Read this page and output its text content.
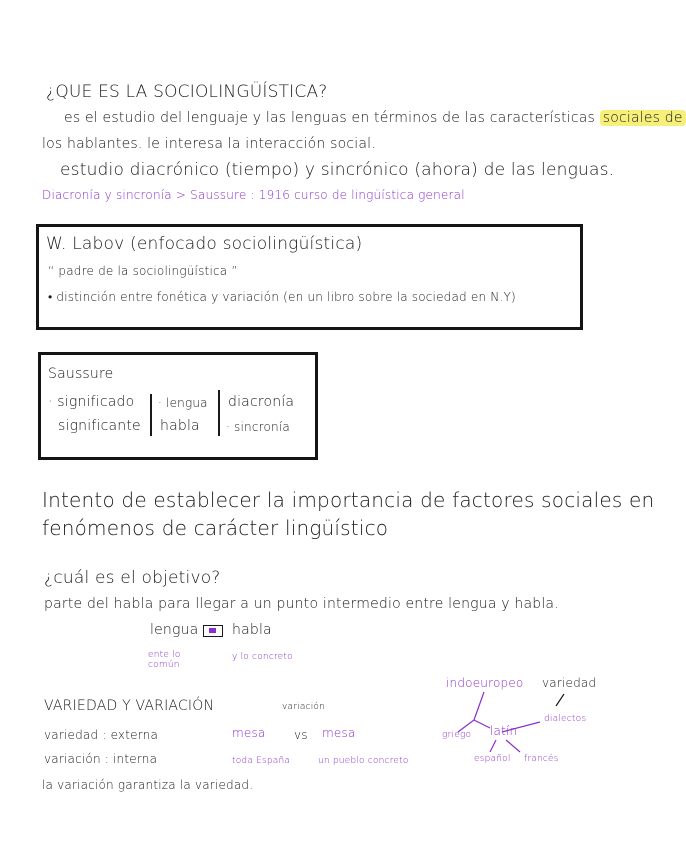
¿QUE ES LA SOCIOLINGÜÍSTICA?
es el estudio del lenguaje y las lenguas en términos de las características sociales de
los hablantes. le interesa la interacción social.
estudio diacrónico (tiempo) y sincrónico (ahora) de las lenguas.
Diacronía y sincronía > Saussure : 1916 curso de lingüística general
W. Labov (enfocado sociolingüística)
“ padre de la sociolingüística ”
• distinción entre fonética y variación (en un libro sobre la sociedad en N.Y)
Saussure
· significado
significante
· lengua
habla
diacronía
· sincronía
Intento de establecer la importancia de factores sociales en
fenómenos de carácter lingüístico
¿cuál es el objetivo?
parte del habla para llegar a un punto intermedio entre lengua y habla.
lengua habla
ente lo común
y lo concreto
VARIEDAD Y VARIACIÓN	variación
variedad : externa
variación : interna
mesa vs mesa
toda España	un pueblo concreto
la variación garantiza la variedad.
indoeuropeo variedad
griego latín
dialectos
español francés
